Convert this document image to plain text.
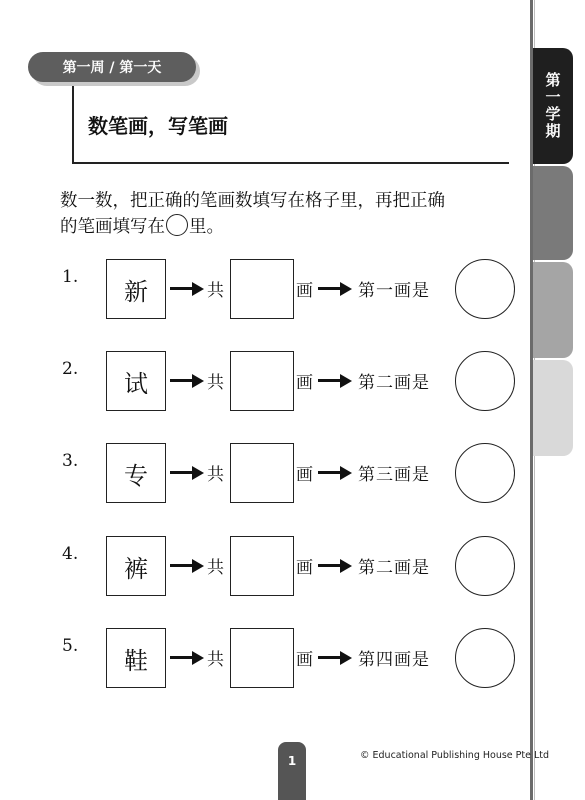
第一学期
第一周 / 第一天
数笔画，写笔画
数一数，把正确的笔画数填写在格子里，再把正确
的笔画填写在 里。
1.
新	共	画	第一画是
2.
试	共	画	第二画是
3.
专	共	画	第三画是
4.
裤	共	画	第二画是
5.
鞋	共	画	第四画是
1	© Educational Publishing House Pte Ltd
